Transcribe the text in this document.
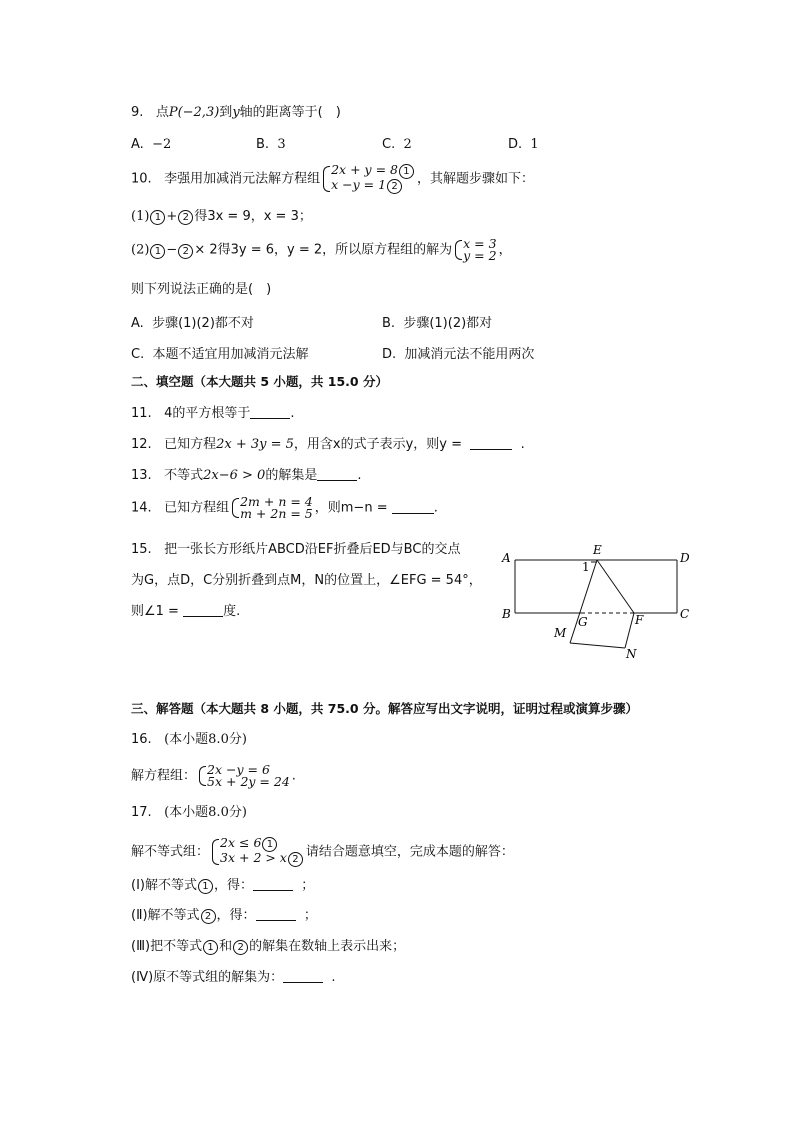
9. 点P(−2,3)到y轴的距离等于(　)
A. −2	B. 3	C. 2	D. 1
10. 李强用加减消元法解方程组
2x + y = 8 1
x −y = 1 2	，其解题步骤如下：
(1) 1 + 2 得3x = 9，x = 3；
(2) 1 − 2 × 2得3y = 6，y = 2，所以原方程组的解为 x = 3
y = 2 ，
则下列说法正确的是(　)
A. 步骤(1)(2)都不对	B. 步骤(1)(2)都对
C. 本题不适宜用加减消元法解	D. 加减消元法不能用两次
二、填空题（本大题共 5 小题，共 15.0 分）
11. 4的平方根等于	.
12. 已知方程2x + 3y = 5，用含x的式子表示y，则y =	.
13. 不等式2x−6 > 0的解集是	.
14. 已知方程组 2m + n = 4
m + 2n = 5 ，则m−n =	.
15. 把一张长方形纸片ABCD沿EF折叠后ED与BC的交点
为G，点D，C分别折叠到点M，N的位置上，∠EFG = 54°，
则∠1 =	度.
A	D
B	C
E
1
G	F
M
N
三、解答题（本大题共 8 小题，共 75.0 分。解答应写出文字说明，证明过程或演算步骤）
16. (本小题8.0分)
解方程组： 2x −y = 6
5x + 2y = 24 .
17. (本小题8.0分)
解不等式组：
2x ≤ 6 1
3x + 2 > x 2 请结合题意填空，完成本题的解答：
(Ⅰ)解不等式 1 ，得：	；
(Ⅱ)解不等式 2 ，得：	；
(Ⅲ)把不等式 1 和 2 的解集在数轴上表示出来；
(Ⅳ)原不等式组的解集为：	.
